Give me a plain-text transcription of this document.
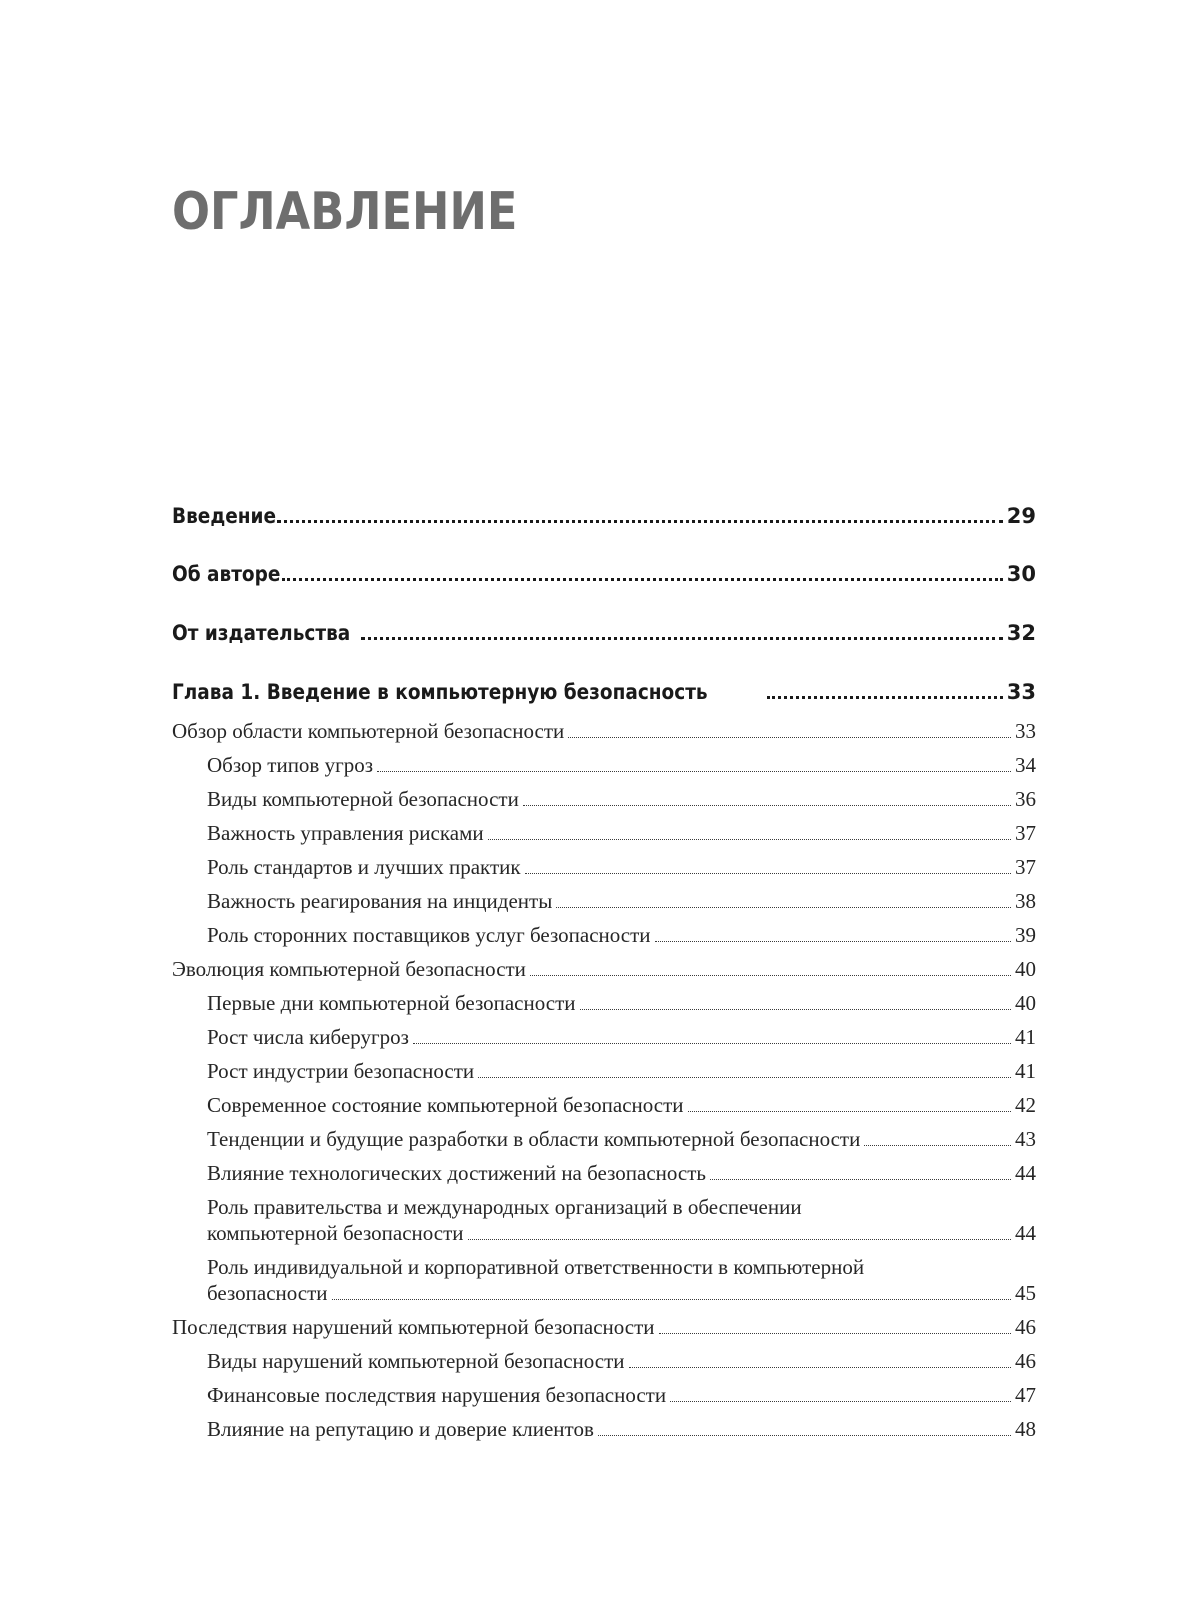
ОГЛАВЛЕНИЕ
Введение	29
Об авторе	30
От издательства	32
Глава 1. Введение в компьютерную безопасность	33
Обзор области компьютерной безопасности	33
Обзор типов угроз	34
Виды компьютерной безопасности	36
Важность управления рисками	37
Роль стандартов и лучших практик	37
Важность реагирования на инциденты	38
Роль сторонних поставщиков услуг безопасности	39
Эволюция компьютерной безопасности	40
Первые дни компьютерной безопасности	40
Рост числа киберугроз	41
Рост индустрии безопасности	41
Современное состояние компьютерной безопасности	42
Тенденции и будущие разработки в области компьютерной безопасности	43
Влияние технологических достижений на безопасность	44
Роль правительства и международных организаций в обеспечении
компьютерной безопасности	44
Роль индивидуальной и корпоративной ответственности в компьютерной
безопасности	45
Последствия нарушений компьютерной безопасности	46
Виды нарушений компьютерной безопасности	46
Финансовые последствия нарушения безопасности	47
Влияние на репутацию и доверие клиентов	48
